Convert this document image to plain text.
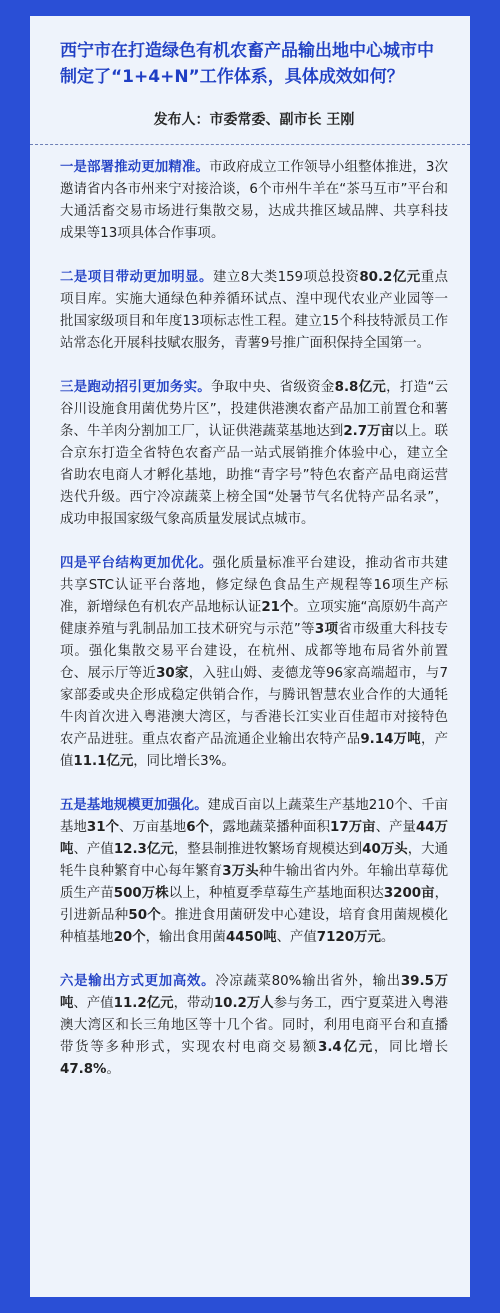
西宁市在打造绿色有机农畜产品输出地中心城市中制定了“1+4+N”工作体系，具体成效如何？
发布人：市委常委、副市长 王刚

一是部署推动更加精准。市政府成立工作领导小组整体推进，3次邀请省内各市州来宁对接洽谈，6个市州牛羊在“茶马互市”平台和大通活畜交易市场进行集散交易，达成共推区域品牌、共享科技成果等13项具体合作事项。

二是项目带动更加明显。建立8大类159项总投资80.2亿元重点项目库。实施大通绿色种养循环试点、湟中现代农业产业园等一批国家级项目和年度13项标志性工程。建立15个科技特派员工作站常态化开展科技赋农服务，青薯9号推广面积保持全国第一。

三是跑动招引更加务实。争取中央、省级资金8.8亿元，打造“云谷川设施食用菌优势片区”，投建供港澳农畜产品加工前置仓和薯条、牛羊肉分割加工厂，认证供港蔬菜基地达到2.7万亩以上。联合京东打造全省特色农畜产品一站式展销推介体验中心，建立全省助农电商人才孵化基地，助推“青字号”特色农畜产品电商运营迭代升级。西宁冷凉蔬菜上榜全国“处暑节气名优特产品名录”，成功申报国家级气象高质量发展试点城市。

四是平台结构更加优化。强化质量标准平台建设，推动省市共建共享STC认证平台落地，修定绿色食品生产规程等16项生产标准，新增绿色有机农产品地标认证21个。立项实施“高原奶牛高产健康养殖与乳制品加工技术研究与示范”等3项省市级重大科技专项。强化集散交易平台建设，在杭州、成都等地布局省外前置仓、展示厅等近30家，入驻山姆、麦德龙等96家高端超市，与7家部委或央企形成稳定供销合作，与腾讯智慧农业合作的大通牦牛肉首次进入粤港澳大湾区，与香港长江实业百佳超市对接特色农产品进驻。重点农畜产品流通企业输出农特产品9.14万吨，产值11.1亿元，同比增长3%。

五是基地规模更加强化。建成百亩以上蔬菜生产基地210个、千亩基地31个、万亩基地6个，露地蔬菜播种面积17万亩、产量44万吨、产值12.3亿元，整县制推进牧繁场育规模达到40万头，大通牦牛良种繁育中心每年繁育3万头种牛输出省内外。年输出草莓优质生产苗500万株以上，种植夏季草莓生产基地面积达3200亩，引进新品种50个。推进食用菌研发中心建设，培育食用菌规模化种植基地20个，输出食用菌4450吨、产值7120万元。

六是输出方式更加高效。冷凉蔬菜80%输出省外，输出39.5万吨、产值11.2亿元，带动10.2万人参与务工，西宁夏菜进入粤港澳大湾区和长三角地区等十几个省。同时，利用电商平台和直播带货等多种形式，实现农村电商交易额3.4亿元，同比增长47.8%。
